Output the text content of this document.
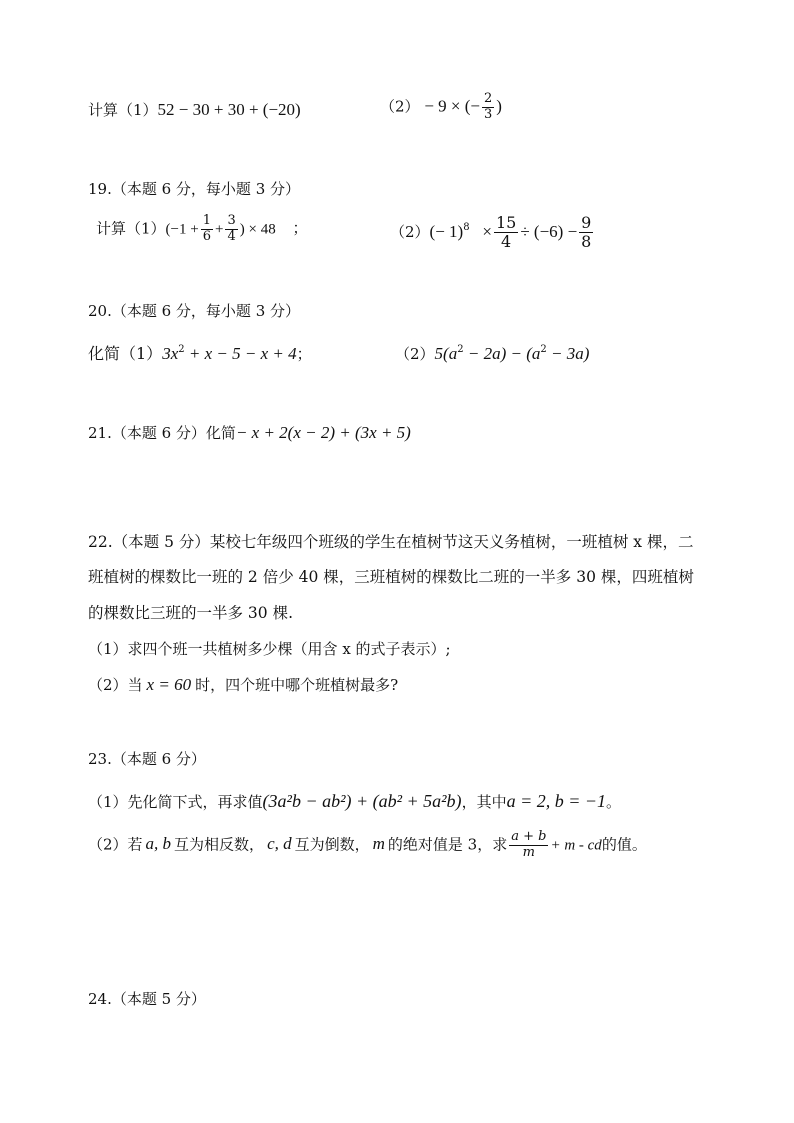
计算（1）52 − 30 + 30 + (−20)	（2） − 9 × (− $\frac{2}{3}$ )
19.（本题 6 分，每小题 3 分）
计算$(1)(-1 + \frac{1}{6} + \frac{3}{4}$ ) × 48 ；	$(2)(- 1)^8 \times \frac{15}{4} \div (-6) - \frac{9}{8}$
20.（本题 6 分，每小题 3 分）
化简$(1)3x^2 + x - 5 - x + 4$；	$(2)5(a^2 - 2a) - (a^2 - 3a)$
21.（本题 6 分）化简− x + 2(x − 2) + (3x + 5)
22.（本题 5 分）某校七年级四个班级的学生在植树节这天义务植树，一班植树 x 棵，二
班植树的棵数比一班的 2 倍少 40 棵，三班植树的棵数比二班的一半多 30 棵，四班植树
的棵数比三班的一半多 30 棵.
（1）求四个班一共植树多少棵（用含 x 的式子表示）;
（2）当 x = 60 时，四个班中哪个班植树最多?
23.（本题 6 分）
（1）先化简下式，再求值(3a²b − ab²) + (ab² + 5a²b)，其中a = 2, b = −1。
（2）若 a, b 互为相反数， c, d 互为倒数， m 的绝对值是 3，求 $\frac{a + b}{m} + m$ - cd的值。
24.（本题 5 分）
